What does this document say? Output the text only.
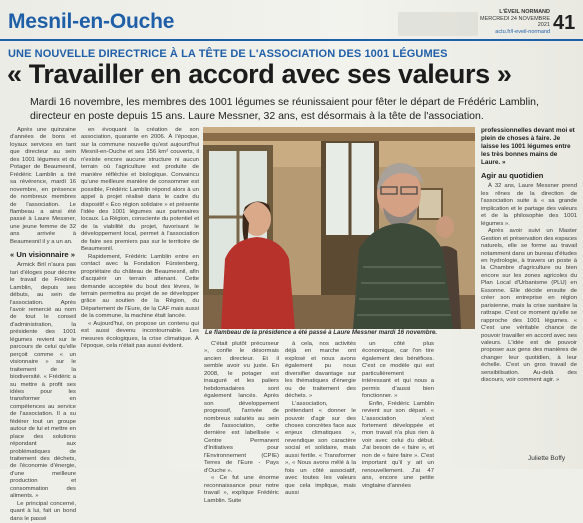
Mesnil-en-Ouche	L'ÉVEIL NORMAND
MERCREDI 24 NOVEMBRE 2021
actu.fr/l-eveil-normand 41
UNE NOUVELLE DIRECTRICE À LA TÊTE DE L'ASSOCIATION DES 1001 LÉGUMES
« Travailler en accord avec ses valeurs »

Mardi 16 novembre, les membres des 1001 légumes se réunissaient pour fêter le départ de Frédéric Lamblin, directeur en poste depuis 15 ans. Laure Messner, 32 ans, est désormais à la tête de l'association.

Après une quinzaine d'années de bons et loyaux services en tant que directeur au sein des 1001 légumes et du Potager de Beaumesnil, Frédéric Lamblin a tiré sa révérence, mardi 16 novembre, en présence de nombreux membres de l'association. Le flambeau a ainsi été passé à Laure Messner, une jeune femme de 32 ans arrivée à Beaumesnil il y a un an.

« Un visionnaire »

Armick Bril n'aura pas tari d'éloges pour décrire le travail de Frédéric Lamblin, depuis ses débuts, au sein de l'association. Après l'avoir remercié au nom de tout le conseil d'administration, la présidente des 1001 légumes revient sur le parcours de celui qu'elle perçoit comme « un visionnaire » sur le traitement de la biodiversité. « Frédéric a su mettre à profit ses idées pour les transformer en compétences au service de l'association. Il a su fédérer tout un groupe autour de lui et mettre en place des solutions répondant aux problématiques de traitement des déchets, de l'économie d'énergie, d'une meilleure production et consommation des aliments. »

Le principal concerné, quant à lui, fait un bond dans le passé

en évoquant la création de son association, quarante en 2006. À l'époque, sur la commune nouvelle qu'est aujourd'hui Mesnil-en-Ouche et ses 156 km² couverts, il n'existe encore aucune structure ni aucun terrain où l'agriculture est produite de manière réfléchie et biologique. Convaincu qu'une meilleure manière de consommer est possible, Frédéric Lamblin répond alors à un appel à projet réalisé dans le cadre du dispositif « Éco région solidaire » et présente l'idée des 1001 légumes aux partenaires locaux. La Région, consciente du potentiel et de la viabilité du projet, favorisant le développement local, permet à l'association de faire ses premiers pas sur le territoire de Beaumesnil.

Rapidement, Frédéric Lamblin entre en contact avec la Fondation Fürstenberg, propriétaire du château de Beaumesnil, afin d'acquérir un terrain attenant. Cette demande acceptée du bout des lèvres, le terrain permettra au projet de se développer grâce au soutien de la Région, du Département de l'Eure, de la CAF mais aussi de la commune, la machine était lancée.

« Aujourd'hui, on propose un contenu qui est aussi devenu incontournable. Les mesures écologiques, la crise climatique. À l'époque, cela n'était pas aussi évident.

Le flambeau de la présidence a été passé à Laure Messner mardi 16 novembre.

C'était plutôt précurseur », confie le désormais ancien directeur. Et il semble avoir vu juste. En 2008, le potager est inauguré et les paliers hebdomadaires sont également lancés. Après son développement progressif, l'arrivée de nombreux salariés au sein de l'association, cette dernière est labellisée « Centre Permanent d'Initiatives pour l'Environnement (CPIE) Terres de l'Eure - Pays d'Ouche ».

« Ce fut une énorme reconnaissance pour notre travail », explique Frédéric Lamblin. Suite

à cela, nos activités déjà en marche ont explosé et nous avons également pu nous diversifier davantage sur les thématiques d'énergie ou de traitement des déchets. »

L'association, prétendant « donner le pouvoir d'agir sur des choses concrètes face aux enjeux climatiques », revendique son caractère social et solidaire, mais aussi fertile. « Transformer », « Nous avons mêlé à la fois un côté associatif, avec toutes les valeurs que cela implique, mais aussi

un côté plus économique, car l'on tire également des bénéfices. C'est ce modèle qui est particulièrement intéressant et qui nous a permis d'aussi bien fonctionner. »

Enfin, Frédéric Lamblin revient sur son départ. « L'association s'est fortement développée et mon travail n'a plus rien à voir avec celui du début. J'ai besoin de « faire », et non de « faire faire ». C'est important qu'il y ait un renouvellement. J'ai 47 ans, encore une petite vingtaine d'années

professionnelles devant moi et plein de choses à faire. Je laisse les 1001 légumes entre les très bonnes mains de Laure. »

Agir au quotidien

À 32 ans, Laure Messner prend les rênes de la direction de l'association suite à « sa grande implication et le partage des valeurs et de la philosophie des 1001 légumes ».

Après avoir suivi un Master Gestion et préservation des espaces naturels, elle se forme au travail notamment dans un bureau d'études en hydrologie, à travers un poste à la Chambre d'agriculture ou bien encore sur les zones agricoles du Plan Local d'Urbanisme (PLU) en Essonne. Elle décide ensuite de créer son entreprise en région parisienne, mais la crise sanitaire la rattrape. C'est ce moment qu'elle se rapproche des 1001 légumes. « C'est une véritable chance de pouvoir travailler en accord avec ses valeurs. L'idée est de pouvoir proposer aux gens des manières de changer leur quotidien, à leur échelle. C'est un gros travail de sensibilisation. Au-delà des discours, voir comment agir. »

Juliette Boffy
